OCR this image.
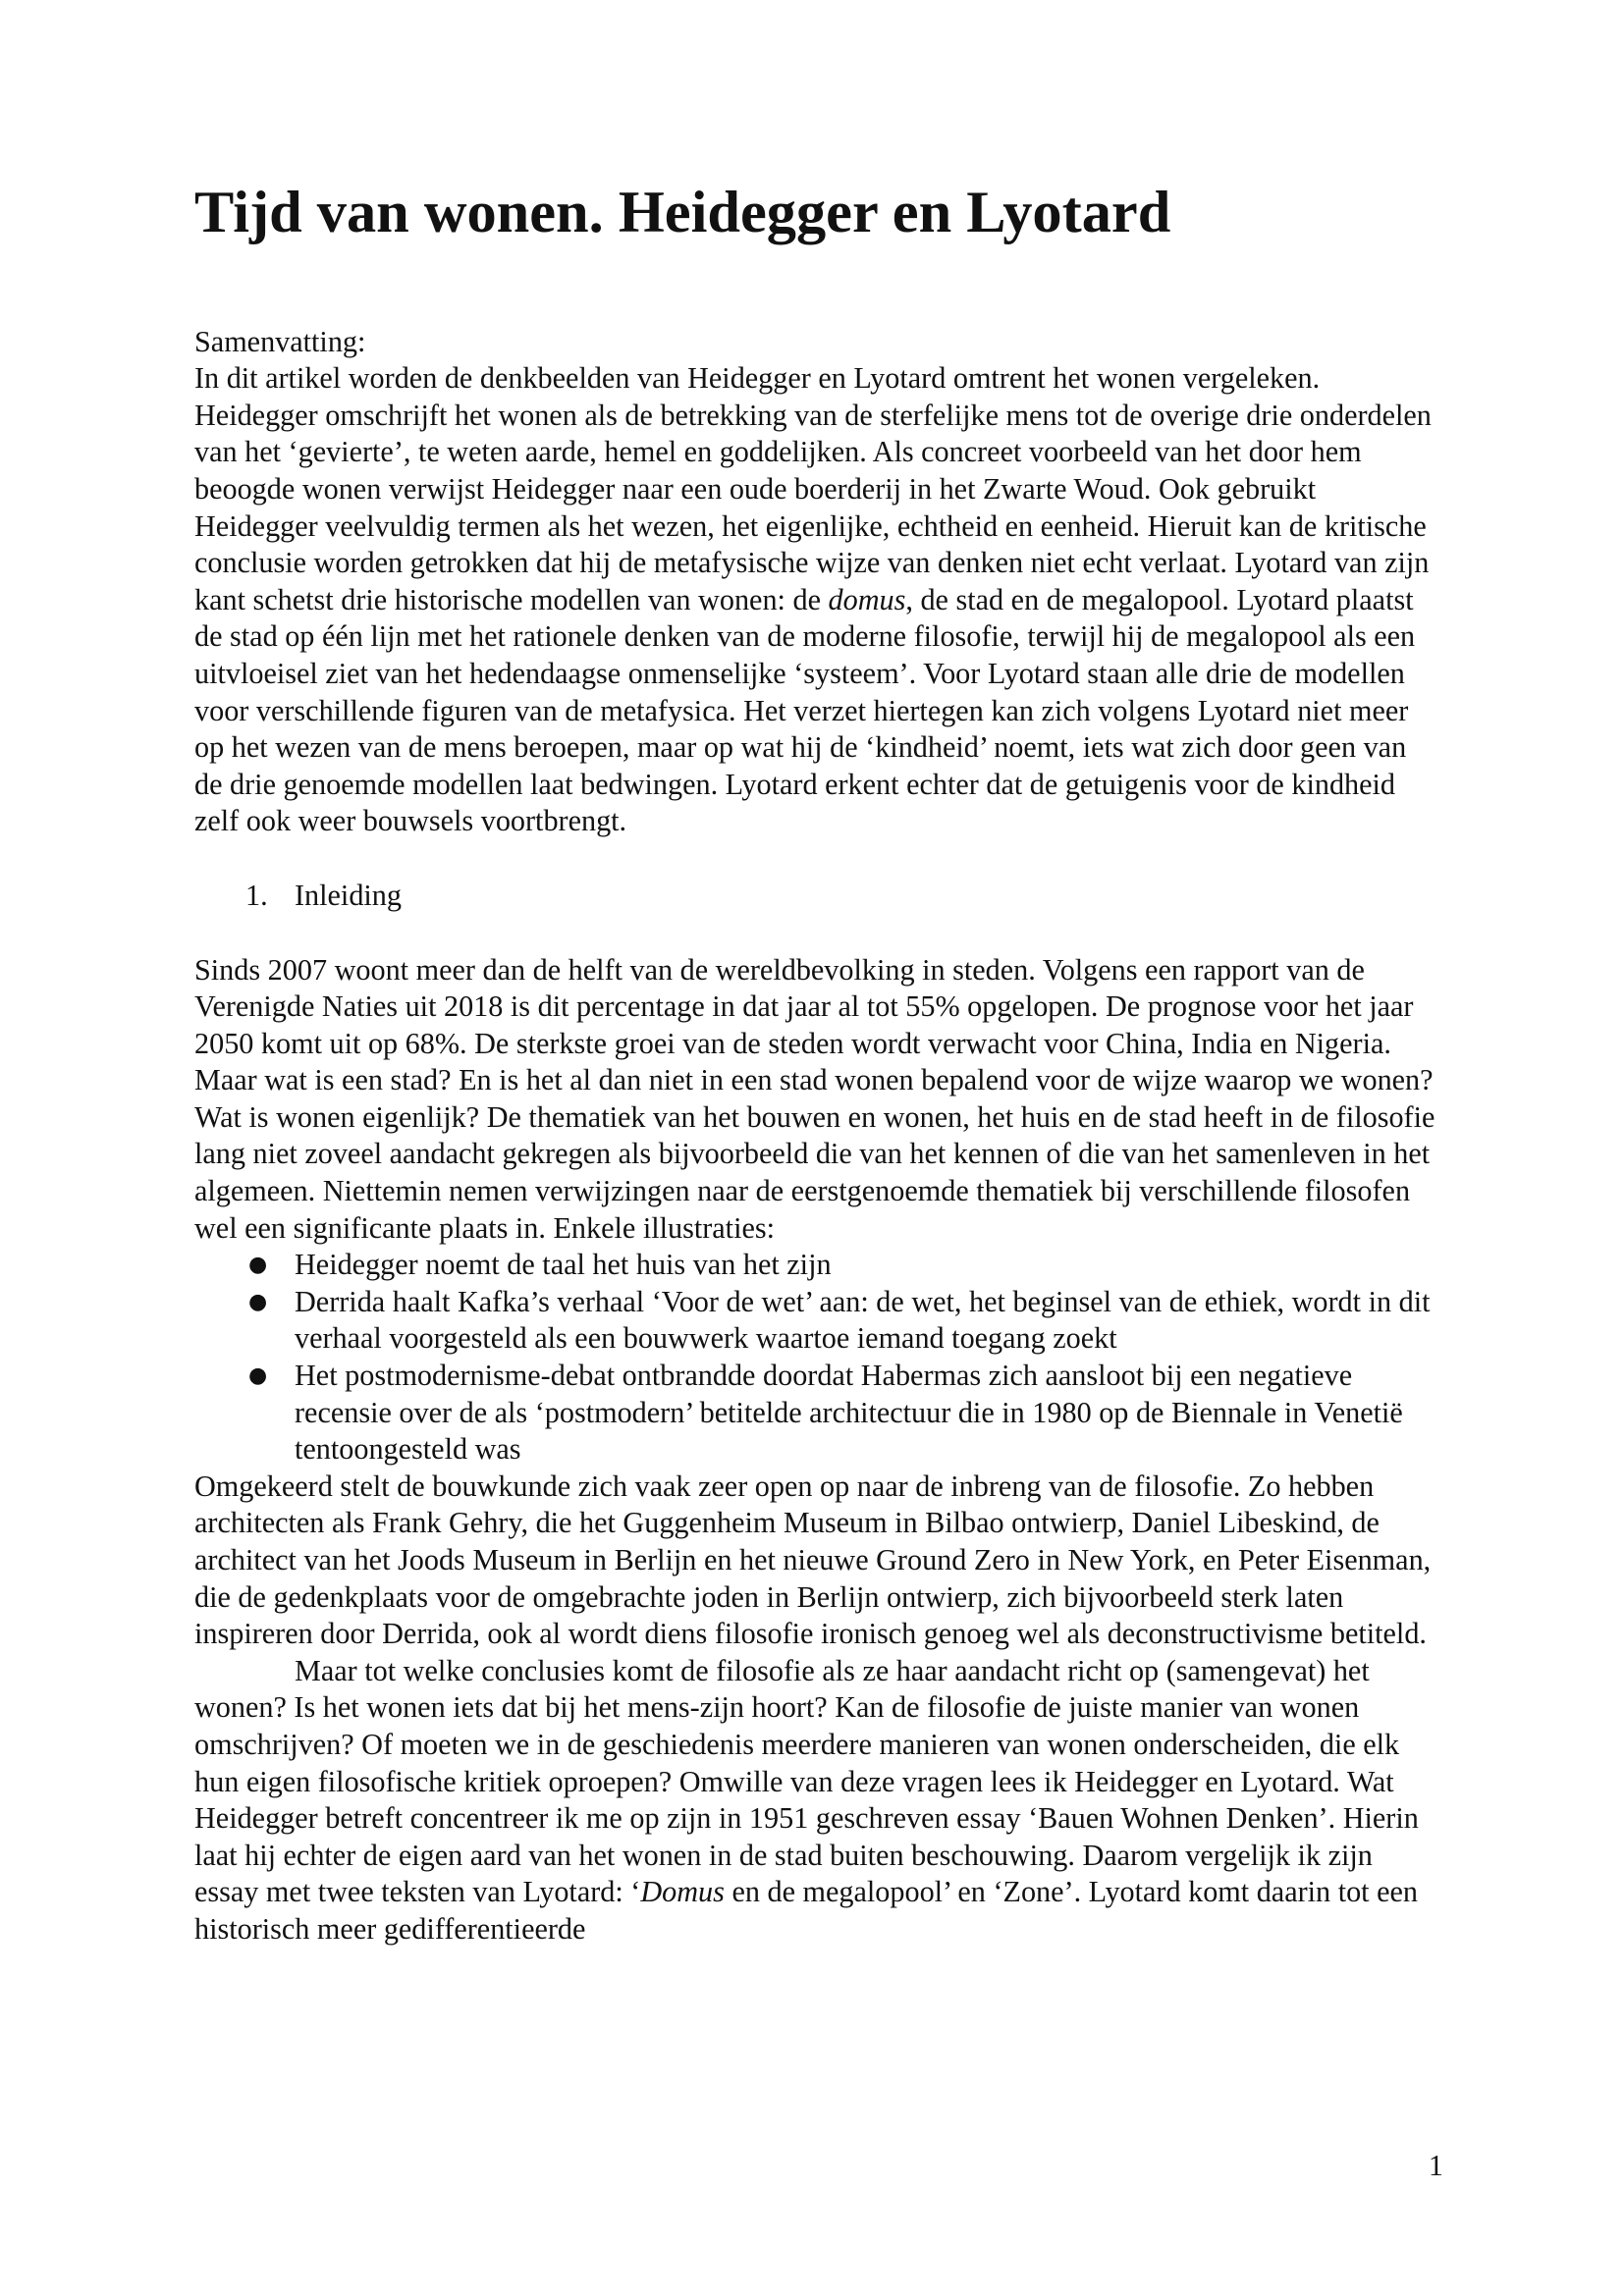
Tijd van wonen. Heidegger en Lyotard

Samenvatting:

In dit artikel worden de denkbeelden van Heidegger en Lyotard omtrent het wonen vergeleken. Heidegger omschrijft het wonen als de betrekking van de sterfelijke mens tot de overige drie onderdelen van het ‘gevierte’, te weten aarde, hemel en goddelijken. Als concreet voorbeeld van het door hem beoogde wonen verwijst Heidegger naar een oude boerderij in het Zwarte Woud. Ook gebruikt Heidegger veelvuldig termen als het wezen, het eigenlijke, echtheid en eenheid. Hieruit kan de kritische conclusie worden getrokken dat hij de metafysische wijze van denken niet echt verlaat. Lyotard van zijn kant schetst drie historische modellen van wonen: de domus, de stad en de megalopool. Lyotard plaatst de stad op één lijn met het rationele denken van de moderne filosofie, terwijl hij de megalopool als een uitvloeisel ziet van het hedendaagse onmenselijke ‘systeem’. Voor Lyotard staan alle drie de modellen voor verschillende figuren van de metafysica. Het verzet hiertegen kan zich volgens Lyotard niet meer op het wezen van de mens beroepen, maar op wat hij de ‘kindheid’ noemt, iets wat zich door geen van de drie genoemde modellen laat bedwingen. Lyotard erkent echter dat de getuigenis voor de kindheid zelf ook weer bouwsels voortbrengt.

1. Inleiding

Sinds 2007 woont meer dan de helft van de wereldbevolking in steden. Volgens een rapport van de Verenigde Naties uit 2018 is dit percentage in dat jaar al tot 55% opgelopen. De prognose voor het jaar 2050 komt uit op 68%. De sterkste groei van de steden wordt verwacht voor China, India en Nigeria. Maar wat is een stad? En is het al dan niet in een stad wonen bepalend voor de wijze waarop we wonen? Wat is wonen eigenlijk? De thematiek van het bouwen en wonen, het huis en de stad heeft in de filosofie lang niet zoveel aandacht gekregen als bijvoorbeeld die van het kennen of die van het samenleven in het algemeen. Niettemin nemen verwijzingen naar de eerstgenoemde thematiek bij verschillende filosofen wel een significante plaats in. Enkele illustraties:

● Heidegger noemt de taal het huis van het zijn
● Derrida haalt Kafka’s verhaal ‘Voor de wet’ aan: de wet, het beginsel van de ethiek, wordt in dit verhaal voorgesteld als een bouwwerk waartoe iemand toegang zoekt
● Het postmodernisme-debat ontbrandde doordat Habermas zich aansloot bij een negatieve recensie over de als ‘postmodern’ betitelde architectuur die in 1980 op de Biennale in Venetië tentoongesteld was

Omgekeerd stelt de bouwkunde zich vaak zeer open op naar de inbreng van de filosofie. Zo hebben architecten als Frank Gehry, die het Guggenheim Museum in Bilbao ontwierp, Daniel Libeskind, de architect van het Joods Museum in Berlijn en het nieuwe Ground Zero in New York, en Peter Eisenman, die de gedenkplaats voor de omgebrachte joden in Berlijn ontwierp, zich bijvoorbeeld sterk laten inspireren door Derrida, ook al wordt diens filosofie ironisch genoeg wel als deconstructivisme betiteld.

Maar tot welke conclusies komt de filosofie als ze haar aandacht richt op (samengevat) het wonen? Is het wonen iets dat bij het mens-zijn hoort? Kan de filosofie de juiste manier van wonen omschrijven? Of moeten we in de geschiedenis meerdere manieren van wonen onderscheiden, die elk hun eigen filosofische kritiek oproepen? Omwille van deze vragen lees ik Heidegger en Lyotard. Wat Heidegger betreft concentreer ik me op zijn in 1951 geschreven essay ‘Bauen Wohnen Denken’. Hierin laat hij echter de eigen aard van het wonen in de stad buiten beschouwing. Daarom vergelijk ik zijn essay met twee teksten van Lyotard: ‘Domus en de megalopool’ en ‘Zone’. Lyotard komt daarin tot een historisch meer gedifferentieerde

1
